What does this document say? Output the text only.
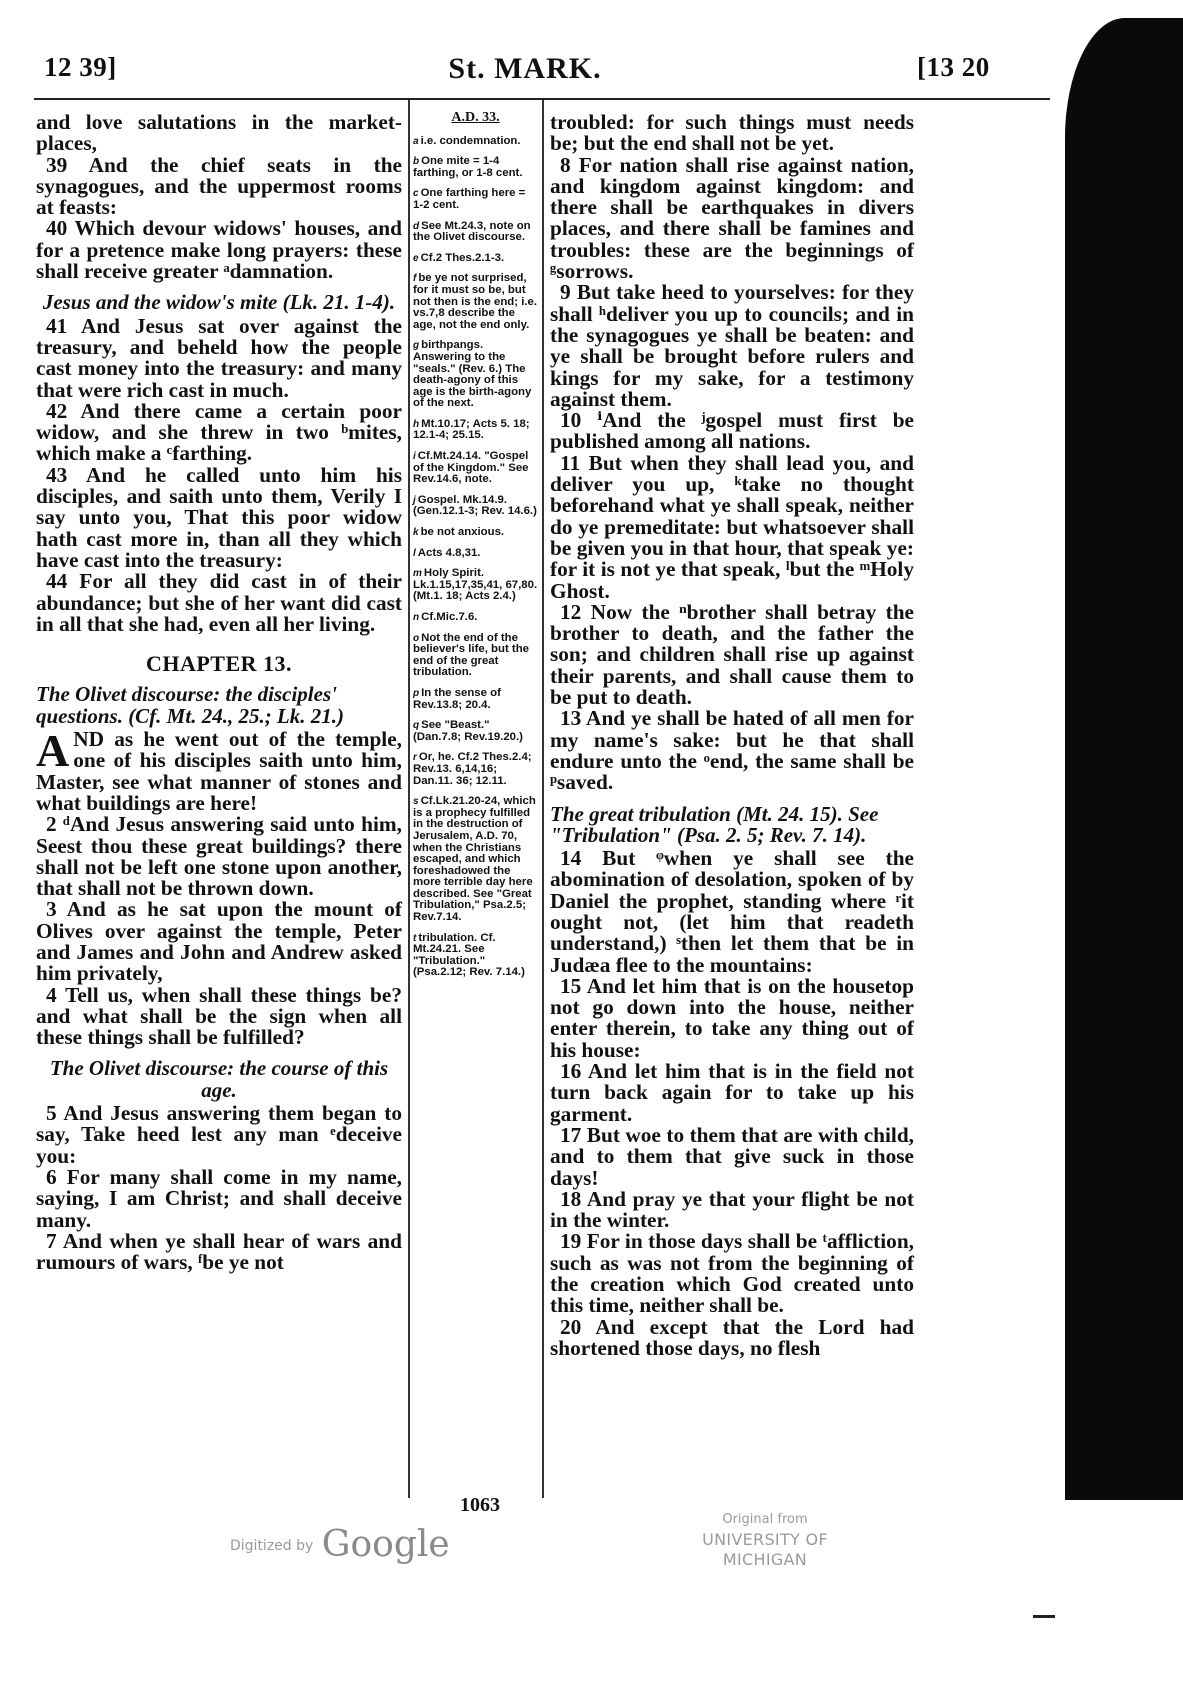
12 39]	St. MARK.	[13 20

and love salutations in the market-places,

39 And the chief seats in the synagogues, and the uppermost rooms at feasts:

40 Which devour widows' houses, and for a pretence make long prayers: these shall receive greater ᵃdamnation.

Jesus and the widow's mite (Lk. 21. 1-4).

41 And Jesus sat over against the treasury, and beheld how the people cast money into the treasury: and many that were rich cast in much.

42 And there came a certain poor widow, and she threw in two ᵇmites, which make a ᶜfarthing.

43 And he called unto him his disciples, and saith unto them, Verily I say unto you, That this poor widow hath cast more in, than all they which have cast into the treasury:

44 For all they did cast in of their abundance; but she of her want did cast in all that she had, even all her living.

CHAPTER 13.
The Olivet discourse: the disciples' questions. (Cf. Mt. 24., 25.; Lk. 21.)

AND as he went out of the temple, one of his disciples saith unto him, Master, see what manner of stones and what buildings are here!

2 ᵈAnd Jesus answering said unto him, Seest thou these great buildings? there shall not be left one stone upon another, that shall not be thrown down.

3 And as he sat upon the mount of Olives over against the temple, Peter and James and John and Andrew asked him privately,

4 Tell us, when shall these things be? and what shall be the sign when all these things shall be fulfilled?

The Olivet discourse: the course of this age.

5 And Jesus answering them began to say, Take heed lest any man ᵉdeceive you:

6 For many shall come in my name, saying, I am Christ; and shall deceive many.

7 And when ye shall hear of wars and rumours of wars, ᶠbe ye not

A.D. 33.
a i.e. condemnation.
b One mite = 1-4 farthing, or 1-8 cent.
c One farthing here = 1-2 cent.
d See Mt.24.3, note on the Olivet discourse.
e Cf.2 Thes.2.1-3.
f be ye not surprised, for it must so be, but not then is the end; i.e. vs.7,8 describe the age, not the end only.
g birthpangs. Answering to the "seals." (Rev. 6.) The death-agony of this age is the birth-agony of the next.
h Mt.10.17; Acts 5. 18; 12.1-4; 25.15.
i Cf.Mt.24.14. "Gospel of the Kingdom." See Rev.14.6, note.
j Gospel. Mk.14.9. (Gen.12.1-3; Rev. 14.6.)
k be not anxious.
l Acts 4.8,31.
m Holy Spirit. Lk.1.15,17,35,41, 67,80. (Mt.1. 18; Acts 2.4.)
n Cf.Mic.7.6.
o Not the end of the believer's life, but the end of the great tribulation.
p In the sense of Rev.13.8; 20.4.
q See "Beast." (Dan.7.8; Rev.19.20.)
r Or, he. Cf.2 Thes.2.4; Rev.13. 6,14,16; Dan.11. 36; 12.11.
s Cf.Lk.21.20-24, which is a prophecy fulfilled in the destruction of Jerusalem, A.D. 70, when the Christians escaped, and which foreshadowed the more terrible day here described. See "Great Tribulation," Psa.2.5; Rev.7.14.
t tribulation. Cf. Mt.24.21. See "Tribulation." (Psa.2.12; Rev. 7.14.)

troubled: for such things must needs be; but the end shall not be yet.

8 For nation shall rise against nation, and kingdom against kingdom: and there shall be earthquakes in divers places, and there shall be famines and troubles: these are the beginnings of ᵍsorrows.

9 But take heed to yourselves: for they shall ʰdeliver you up to councils; and in the synagogues ye shall be beaten: and ye shall be brought before rulers and kings for my sake, for a testimony against them.

10 ⁱAnd the ʲgospel must first be published among all nations.

11 But when they shall lead you, and deliver you up, ᵏtake no thought beforehand what ye shall speak, neither do ye premeditate: but whatsoever shall be given you in that hour, that speak ye: for it is not ye that speak, ˡbut the ᵐHoly Ghost.

12 Now the ⁿbrother shall betray the brother to death, and the father the son; and children shall rise up against their parents, and shall cause them to be put to death.

13 And ye shall be hated of all men for my name's sake: but he that shall endure unto the ᵒend, the same shall be ᵖsaved.

The great tribulation (Mt. 24. 15). See "Tribulation" (Psa. 2. 5; Rev. 7. 14).

14 But ᵠwhen ye shall see the abomination of desolation, spoken of by Daniel the prophet, standing where ʳit ought not, (let him that readeth understand,) ˢthen let them that be in Judæa flee to the mountains:

15 And let him that is on the housetop not go down into the house, neither enter therein, to take any thing out of his house:

16 And let him that is in the field not turn back again for to take up his garment.

17 But woe to them that are with child, and to them that give suck in those days!

18 And pray ye that your flight be not in the winter.

19 For in those days shall be ᵗaffliction, such as was not from the beginning of the creation which God created unto this time, neither shall be.

20 And except that the Lord had shortened those days, no flesh

1063
Digitized by Google
Original from
UNIVERSITY OF MICHIGAN
